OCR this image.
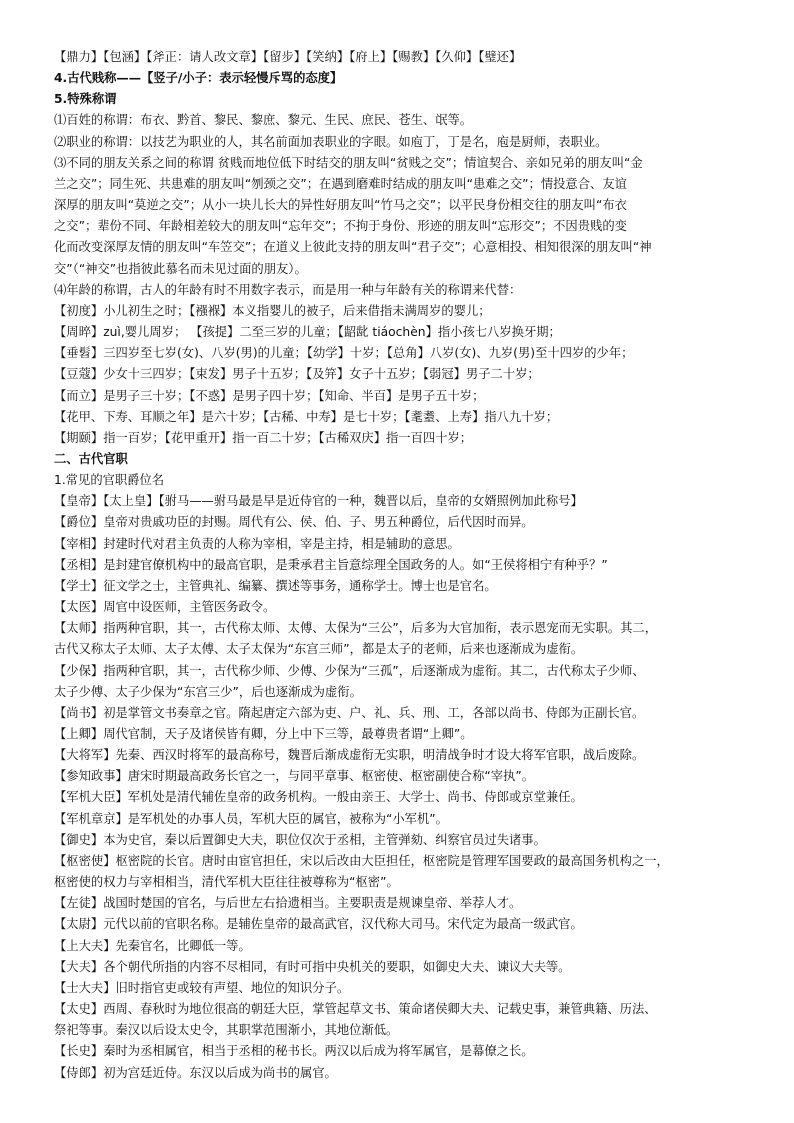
【鼎力】【包涵】【斧正：请人改文章】【留步】【笑纳】【府上】【赐教】【久仰】【璧还】
4.古代贱称——【竖子/小子：表示轻慢斥骂的态度】
5.特殊称谓
⑴百姓的称谓：布衣、黔首、黎民、黎庶、黎元、生民、庶民、苍生、氓等。
⑵职业的称谓：以技艺为职业的人，其名前面加表职业的字眼。如庖丁，丁是名，庖是厨师，表职业。
⑶不同的朋友关系之间的称谓 贫贱而地位低下时结交的朋友叫“贫贱之交”；情谊契合、亲如兄弟的朋友叫“金
兰之交”；同生死、共患难的朋友叫“刎颈之交”；在遇到磨难时结成的朋友叫“患难之交”；情投意合、友谊
深厚的朋友叫“莫逆之交”；从小一块儿长大的异性好朋友叫“竹马之交”；以平民身份相交往的朋友叫“布衣
之交”；辈份不同、年龄相差较大的朋友叫“忘年交”；不拘于身份、形迹的朋友叫“忘形交”；不因贵贱的变
化而改变深厚友情的朋友叫“车笠交”；在道义上彼此支持的朋友叫“君子交”；心意相投、相知很深的朋友叫“神
交”（“神交”也指彼此慕名而未见过面的朋友）。
⑷年龄的称谓，古人的年龄有时不用数字表示，而是用一种与年龄有关的称谓来代替：
【初度】小儿初生之时；【襁褓】本义指婴儿的被子，后来借指未满周岁的婴儿；
【周晬】zuì,婴儿周岁； 【孩提】二至三岁的儿童；【龆龀 tiáochèn】指小孩七八岁换牙期；
【垂髫】三四岁至七岁(女)、八岁(男)的儿童；【幼学】十岁；【总角】八岁(女)、九岁(男)至十四岁的少年；
【豆蔻】少女十三四岁；【束发】男子十五岁；【及笄】女子十五岁；【弱冠】男子二十岁；
【而立】是男子三十岁；【不惑】是男子四十岁；【知命、半百】是男子五十岁；
【花甲、下寿、耳顺之年】是六十岁；【古稀、中寿】是七十岁；【耄耋、上寿】指八九十岁；
【期颐】指一百岁；【花甲重开】指一百二十岁；【古稀双庆】指一百四十岁；
二、古代官职
1.常见的官职爵位名
【皇帝】【太上皇】【驸马——驸马最是早是近侍官的一种，魏晋以后，皇帝的女婿照例加此称号】
【爵位】皇帝对贵戚功臣的封赐。周代有公、侯、伯、子、男五种爵位，后代因时而异。
【宰相】封建时代对君主负责的人称为宰相，宰是主持，相是辅助的意思。
【丞相】是封建官僚机构中的最高官职，是秉承君主旨意综理全国政务的人。如“王侯将相宁有种乎？”
【学士】征文学之士，主管典礼、编纂、撰述等事务，通称学士。博士也是官名。
【太医】周官中设医师，主管医务政令。
【太师】指两种官职，其一，古代称太师、太傅、太保为“三公”，后多为大官加衔，表示恩宠而无实职。其二，
古代又称太子太师、太子太傅、太子太保为“东宫三师”，都是太子的老师，后来也逐渐成为虚衔。
【少保】指两种官职，其一，古代称少师、少傅、少保为“三孤”，后逐渐成为虚衔。其二，古代称太子少师、
太子少傅、太子少保为“东宫三少”，后也逐渐成为虚衔。
【尚书】初是掌管文书奏章之官。隋起唐定六部为吏、户、礼、兵、刑、工，各部以尚书、侍郎为正副长官。
【上卿】周代官制，天子及诸侯皆有卿，分上中下三等，最尊贵者谓“上卿”。
【大将军】先秦、西汉时将军的最高称号，魏晋后渐成虚衔无实职，明清战争时才设大将军官职，战后废除。
【参知政事】唐宋时期最高政务长官之一，与同平章事、枢密使、枢密副使合称“宰执”。
【军机大臣】军机处是清代辅佐皇帝的政务机构。一般由亲王、大学士、尚书、侍郎或京堂兼任。
【军机章京】是军机处的办事人员，军机大臣的属官，被称为“小军机”。
【御史】本为史官，秦以后置御史大夫，职位仅次于丞相，主管弹劾、纠察官员过失诸事。
【枢密使】枢密院的长官。唐时由宦官担任，宋以后改由大臣担任，枢密院是管理军国要政的最高国务机构之一，
枢密使的权力与宰相相当，清代军机大臣往往被尊称为“枢密”。
【左徒】战国时楚国的官名，与后世左右拾遗相当。主要职责是规谏皇帝、举荐人才。
【太尉】元代以前的官职名称。是辅佐皇帝的最高武官，汉代称大司马。宋代定为最高一级武官。
【上大夫】先秦官名，比卿低一等。
【大夫】各个朝代所指的内容不尽相同，有时可指中央机关的要职，如御史大夫、谏议大夫等。
【士大夫】旧时指官吏或较有声望、地位的知识分子。
【太史】西周、春秋时为地位很高的朝廷大臣，掌管起草文书、策命诸侯卿大夫、记载史事，兼管典籍、历法、
祭祀等事。秦汉以后设太史令，其职掌范围渐小，其地位渐低。
【长史】秦时为丞相属官，相当于丞相的秘书长。两汉以后成为将军属官，是幕僚之长。
【侍郎】初为宫廷近侍。东汉以后成为尚书的属官。
